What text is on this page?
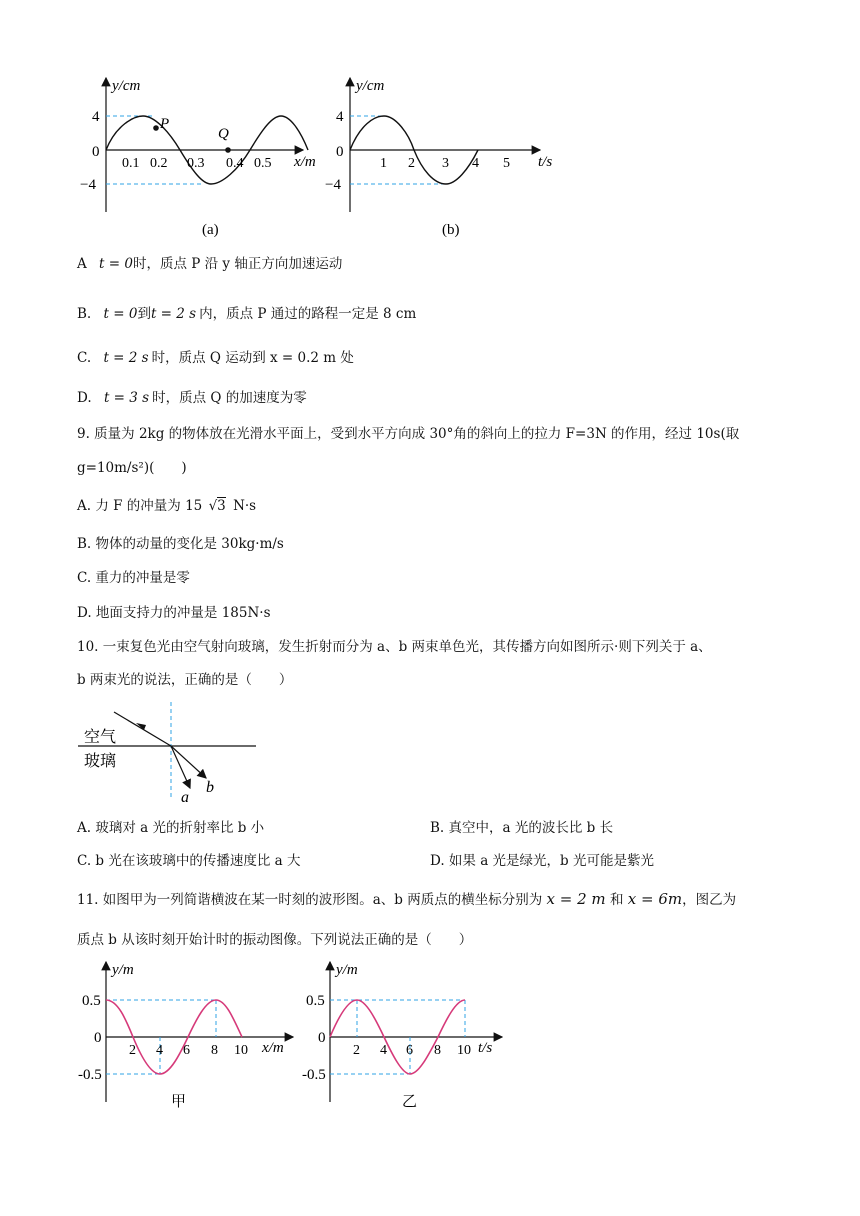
y/cm
4
0
−4
0.1 0.2 0.3 0.4 0.5 x/m
P
Q
(a)
y/cm
4
0
−4
1 2 3 4 5 t/s
(b)
A t = 0时，质点 P 沿 y 轴正方向加速运动
B. t = 0到t = 2 s 内，质点 P 通过的路程一定是 8 cm
C. t = 2 s 时，质点 Q 运动到 x = 0.2 m 处
D. t = 3 s 时，质点 Q 的加速度为零
9. 质量为 2kg 的物体放在光滑水平面上，受到水平方向成 30°角的斜向上的拉力 F=3N 的作用，经过 10s(取
g=10m/s²)(　　)
A. 力 F 的冲量为 15 √3 N·s
B. 物体的动量的变化是 30kg·m/s
C. 重力的冲量是零
D. 地面支持力的冲量是 185N·s
10. 一束复色光由空气射向玻璃，发生折射而分为 a、b 两束单色光，其传播方向如图所示·则下列关于 a、
b 两束光的说法，正确的是（　　）
空气
玻璃
a
b
A. 玻璃对 a 光的折射率比 b 小	B. 真空中，a 光的波长比 b 长
C. b 光在该玻璃中的传播速度比 a 大	D. 如果 a 光是绿光，b 光可能是紫光
11. 如图甲为一列简谐横波在某一时刻的波形图。a、b 两质点的横坐标分别为 x = 2 m 和 x = 6m，图乙为
质点 b 从该时刻开始计时的振动图像。下列说法正确的是（　　）
y/m
0.5
0
-0.5
2 4 6 8 10 x/m
甲
y/m
0.5
0
-0.5
2 4 6 8 10 t/s
乙
